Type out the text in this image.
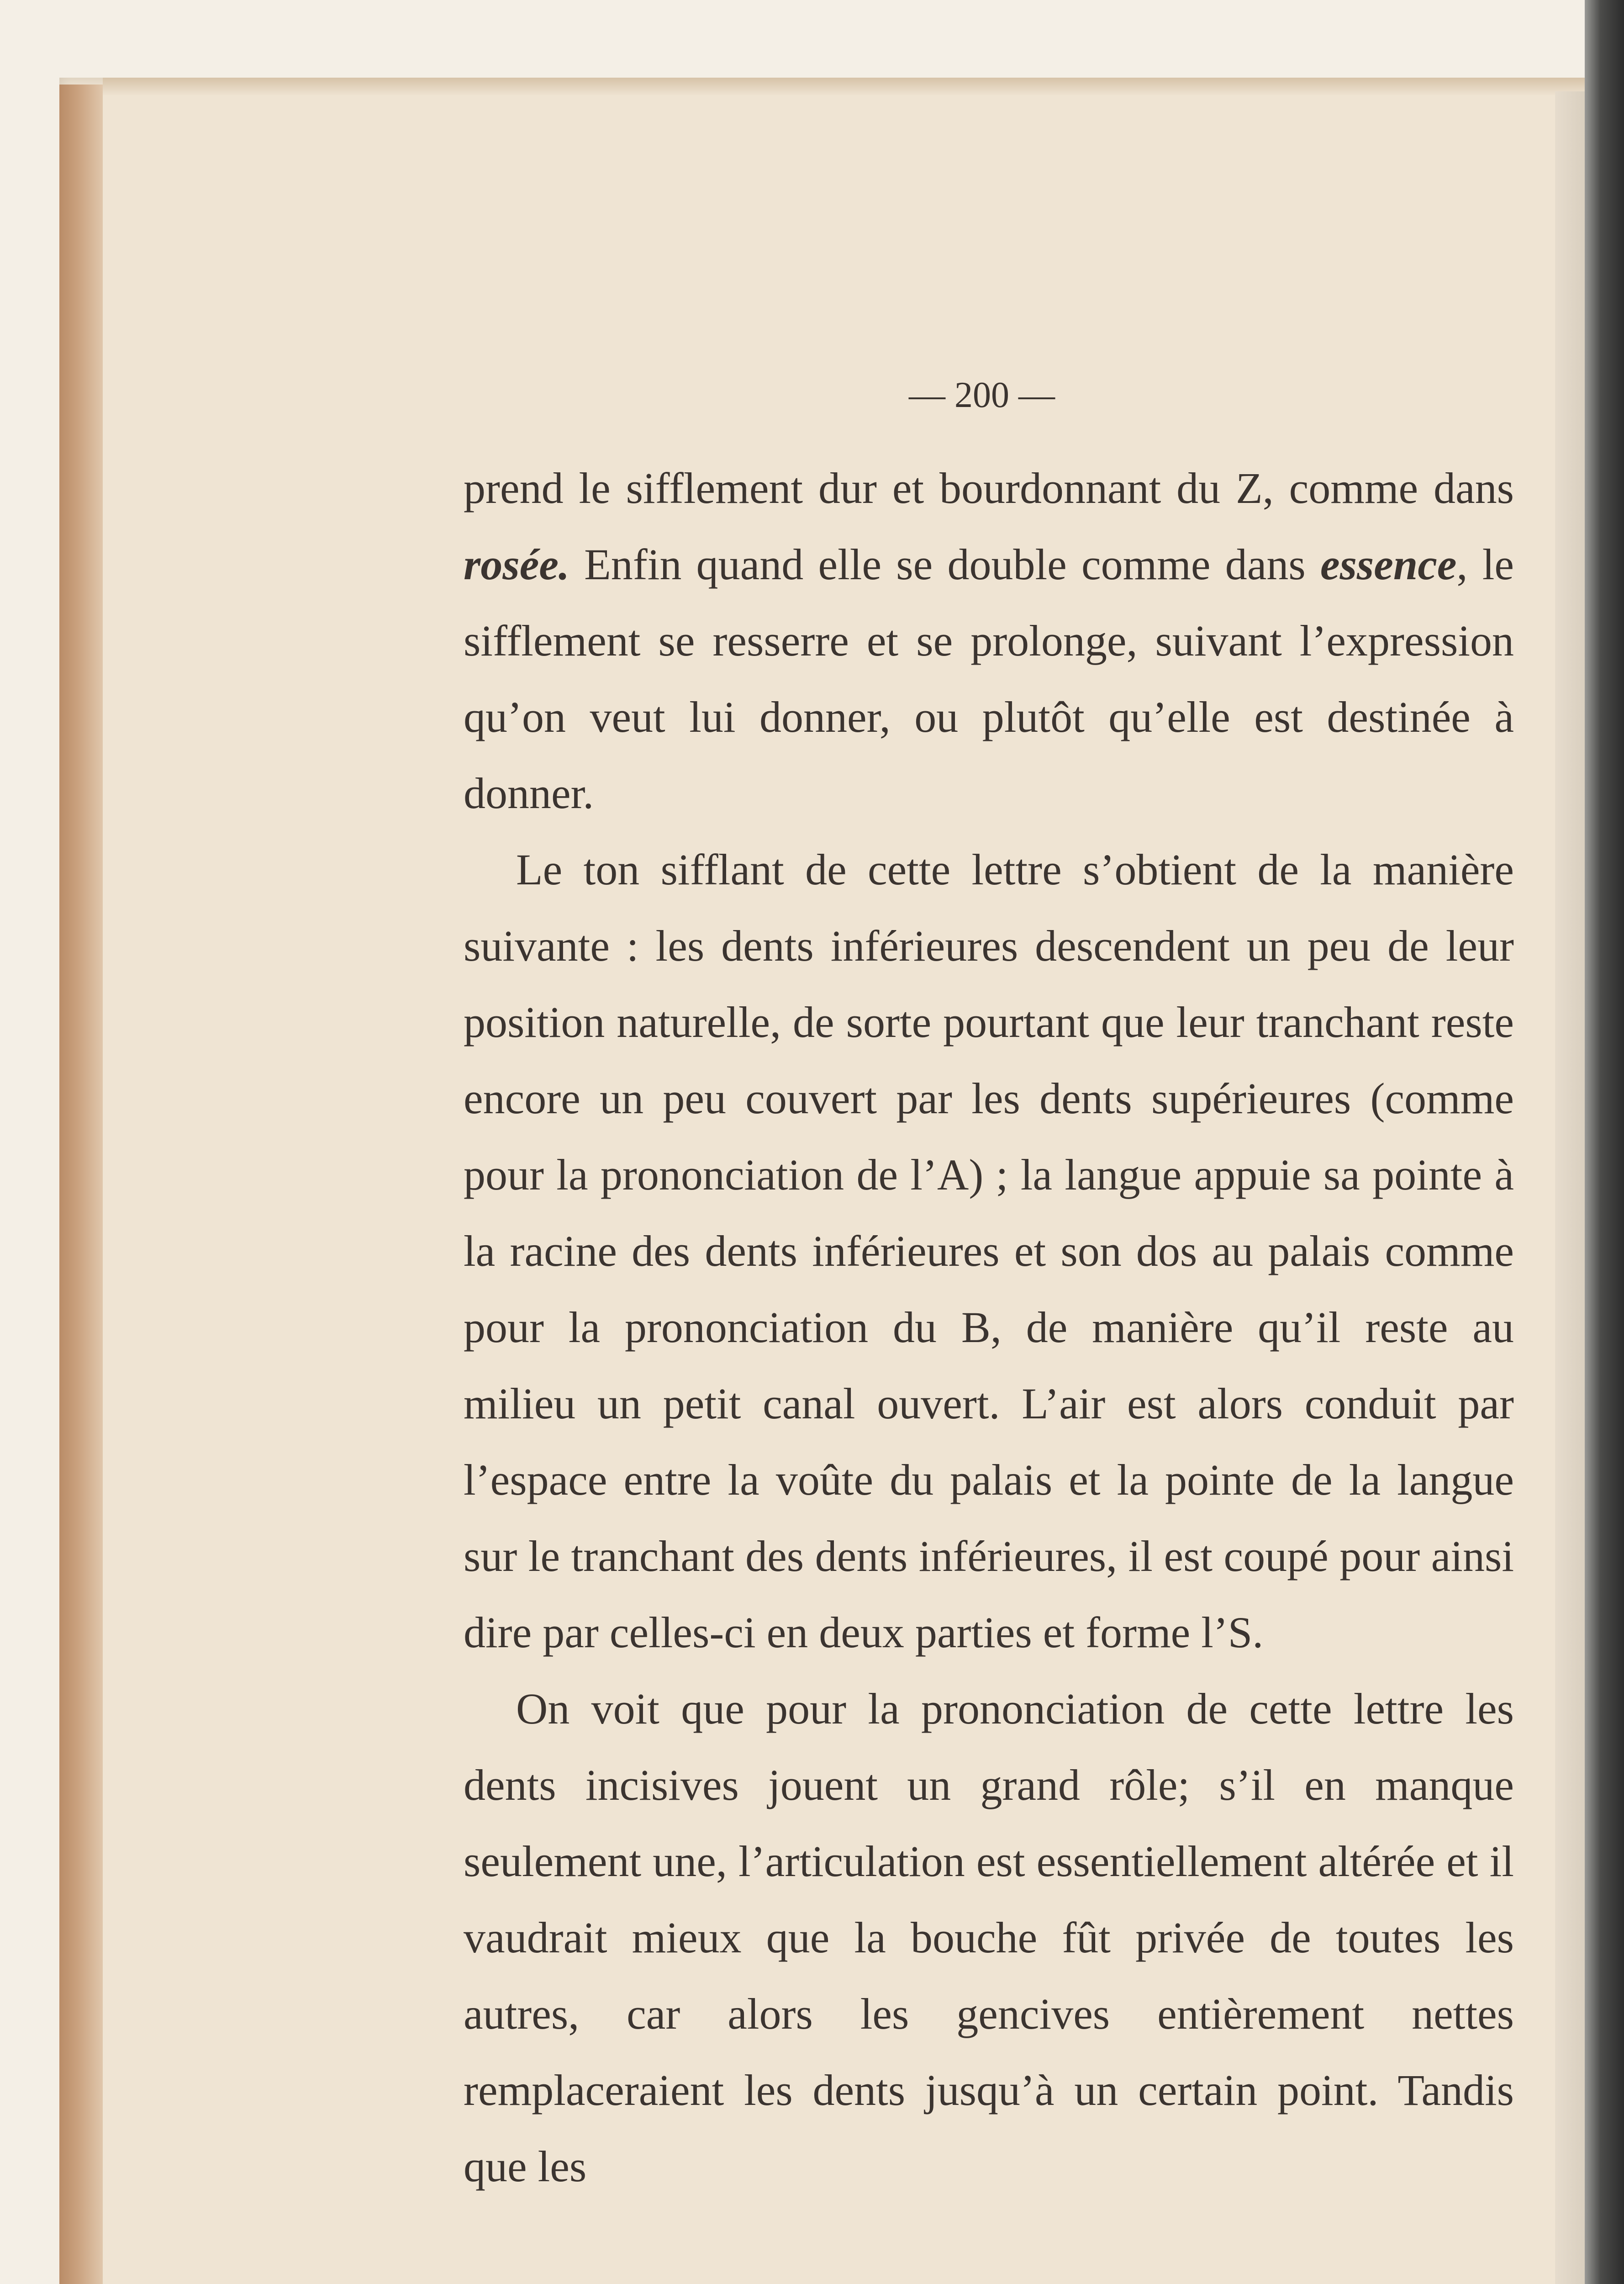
— 200 —

prend le sifflement dur et bourdonnant du Z, comme dans rosée. Enfin quand elle se double comme dans essence, le sifflement se resserre et se prolonge, suivant l’expression qu’on veut lui donner, ou plutôt qu’elle est destinée à donner.

Le ton sifflant de cette lettre s’obtient de la manière suivante : les dents inférieures descendent un peu de leur position naturelle, de sorte pourtant que leur tranchant reste encore un peu couvert par les dents supérieures (comme pour la prononciation de l’A) ; la langue appuie sa pointe à la racine des dents inférieures et son dos au palais comme pour la prononciation du B, de manière qu’il reste au milieu un petit canal ouvert. L’air est alors conduit par l’espace entre la voûte du palais et la pointe de la langue sur le tranchant des dents inférieures, il est coupé pour ainsi dire par celles-ci en deux parties et forme l’S.

On voit que pour la prononciation de cette lettre les dents incisives jouent un grand rôle; s’il en manque seulement une, l’articulation est essentiellement altérée et il vaudrait mieux que la bouche fût privée de toutes les autres, car alors les gencives entièrement nettes remplaceraient les dents jusqu’à un certain point. Tandis que les
